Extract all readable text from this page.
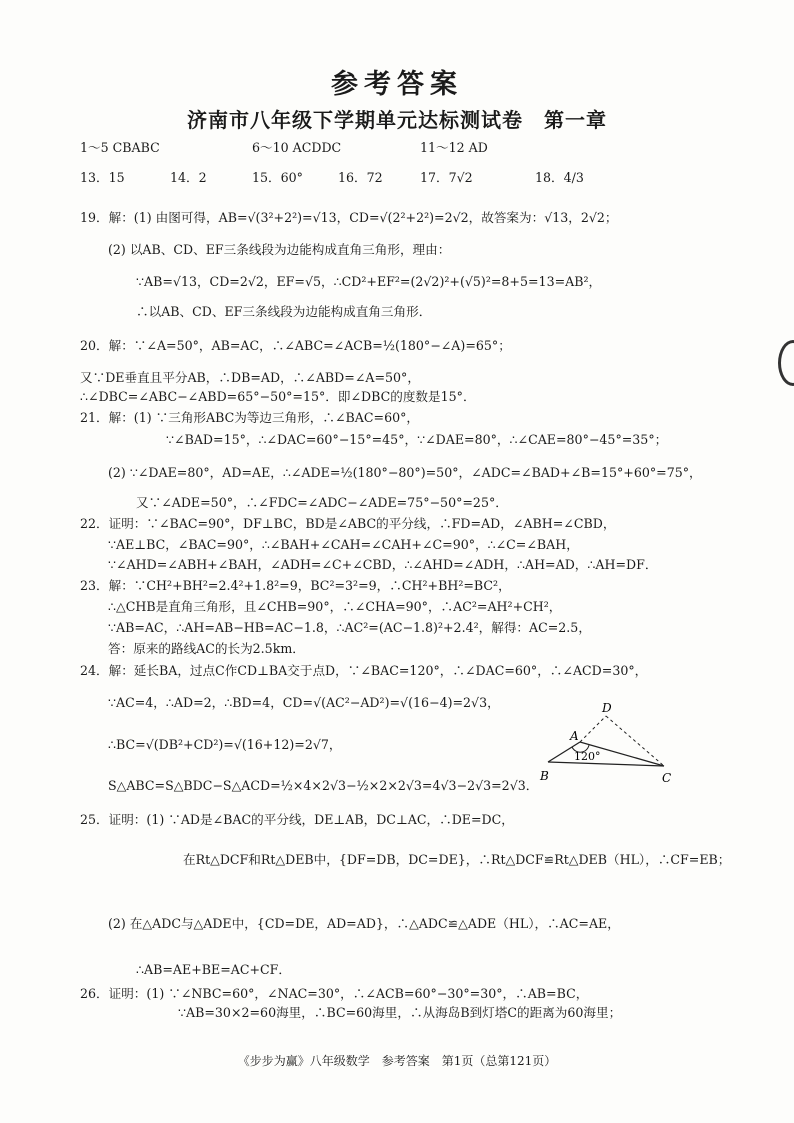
参考答案
济南市八年级下学期单元达标测试卷　第一章
1～5 CBABC	6～10 ACDDC	11～12 AD
13．15	14．2	15．60°	16．72	17．7√2	18．4/3
19．解：(1) 由图可得，AB=√(3²+2²)=√13，CD=√(2²+2²)=2√2，故答案为：√13，2√2；
(2) 以AB、CD、EF三条线段为边能构成直角三角形，理由：
∵AB=√13，CD=2√2，EF=√5，∴CD²+EF²=(2√2)²+(√5)²=8+5=13=AB²，
∴以AB、CD、EF三条线段为边能构成直角三角形．
20．解：∵∠A=50°，AB=AC，∴∠ABC=∠ACB=½(180°−∠A)=65°；
又∵DE垂直且平分AB，∴DB=AD，∴∠ABD=∠A=50°，
∴∠DBC=∠ABC−∠ABD=65°−50°=15°．即∠DBC的度数是15°．
21．解：(1) ∵三角形ABC为等边三角形，∴∠BAC=60°，
∵∠BAD=15°，∴∠DAC=60°−15°=45°，∵∠DAE=80°，∴∠CAE=80°−45°=35°；
(2) ∵∠DAE=80°，AD=AE，∴∠ADE=½(180°−80°)=50°，∠ADC=∠BAD+∠B=15°+60°=75°，
又∵∠ADE=50°，∴∠FDC=∠ADC−∠ADE=75°−50°=25°．
22．证明：∵∠BAC=90°，DF⊥BC，BD是∠ABC的平分线，∴FD=AD，∠ABH=∠CBD，
∵AE⊥BC，∠BAC=90°，∴∠BAH+∠CAH=∠CAH+∠C=90°，∴∠C=∠BAH，
∵∠AHD=∠ABH+∠BAH，∠ADH=∠C+∠CBD，∴∠AHD=∠ADH，∴AH=AD，∴AH=DF．
23．解：∵CH²+BH²=2.4²+1.8²=9，BC²=3²=9，∴CH²+BH²=BC²，
∴△CHB是直角三角形，且∠CHB=90°，∴∠CHA=90°，∴AC²=AH²+CH²，
∵AB=AC，∴AH=AB−HB=AC−1.8，∴AC²=(AC−1.8)²+2.4²，解得：AC=2.5，
答：原来的路线AC的长为2.5km．
24．解：延长BA，过点C作CD⊥BA交于点D，∵∠BAC=120°，∴∠DAC=60°，∴∠ACD=30°，
∵AC=4，∴AD=2，∴BD=4，CD=√(AC²−AD²)=√(16−4)=2√3，
∴BC=√(DB²+CD²)=√(16+12)=2√7，
S△ABC=S△BDC−S△ACD=½×4×2√3−½×2×2√3=4√3−2√3=2√3．
25．证明：(1) ∵AD是∠BAC的平分线，DE⊥AB，DC⊥AC，∴DE=DC，
在Rt△DCF和Rt△DEB中，{DF=DB，DC=DE}，∴Rt△DCF≌Rt△DEB（HL），∴CF=EB；
(2) 在△ADC与△ADE中，{CD=DE，AD=AD}，∴△ADC≌△ADE（HL），∴AC=AE，
∴AB=AE+BE=AC+CF．
26．证明：(1) ∵∠NBC=60°，∠NAC=30°，∴∠ACB=60°−30°=30°，∴AB=BC，
∵AB=30×2=60海里，∴BC=60海里，∴从海岛B到灯塔C的距离为60海里；
D
A
120°
B	C
《步步为赢》八年级数学　参考答案　第1页（总第121页）
